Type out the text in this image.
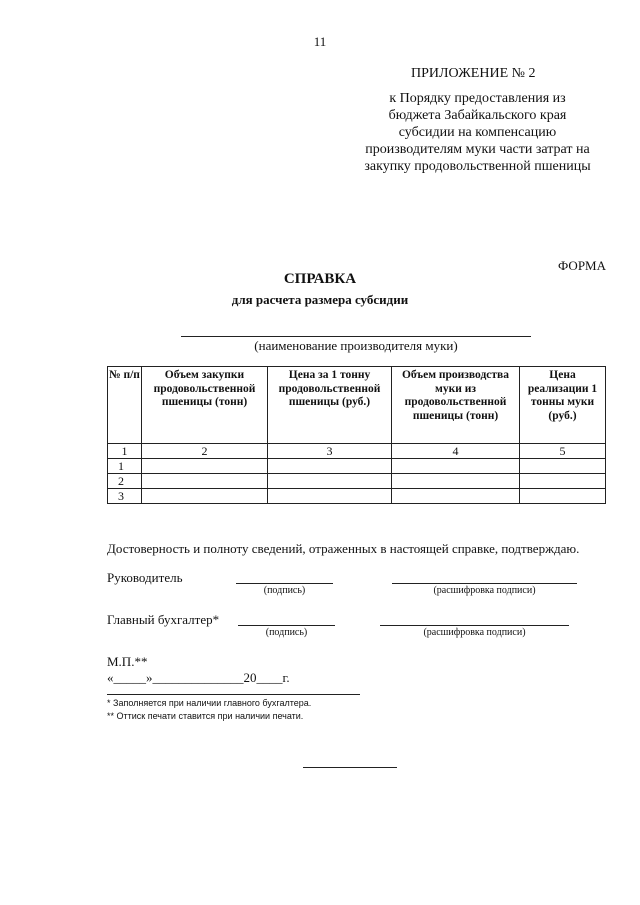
11
ПРИЛОЖЕНИЕ № 2
к Порядку предоставления из
бюджета Забайкальского края
субсидии на компенсацию
производителям муки части затрат на
закупку продовольственной пшеницы
ФОРМА
СПРАВКА
для расчета размера субсидии
(наименование производителя муки)
№ п/п	Объем закупки продовольственной пшеницы (тонн)	Цена за 1 тонну продовольственной пшеницы (руб.)	Объем производства муки из продовольственной пшеницы (тонн)	Цена реализации 1 тонны муки (руб.)
1	2	3	4	5
1				
2				
3				
Достоверность и полноту сведений, отраженных в настоящей справке, подтверждаю.
Руководитель
(подпись)	(расшифровка подписи)
Главный бухгалтер*
(подпись)	(расшифровка подписи)
М.П.**
«_____»______________20____г.
* Заполняется при наличии главного бухгалтера.
** Оттиск печати ставится при наличии печати.
